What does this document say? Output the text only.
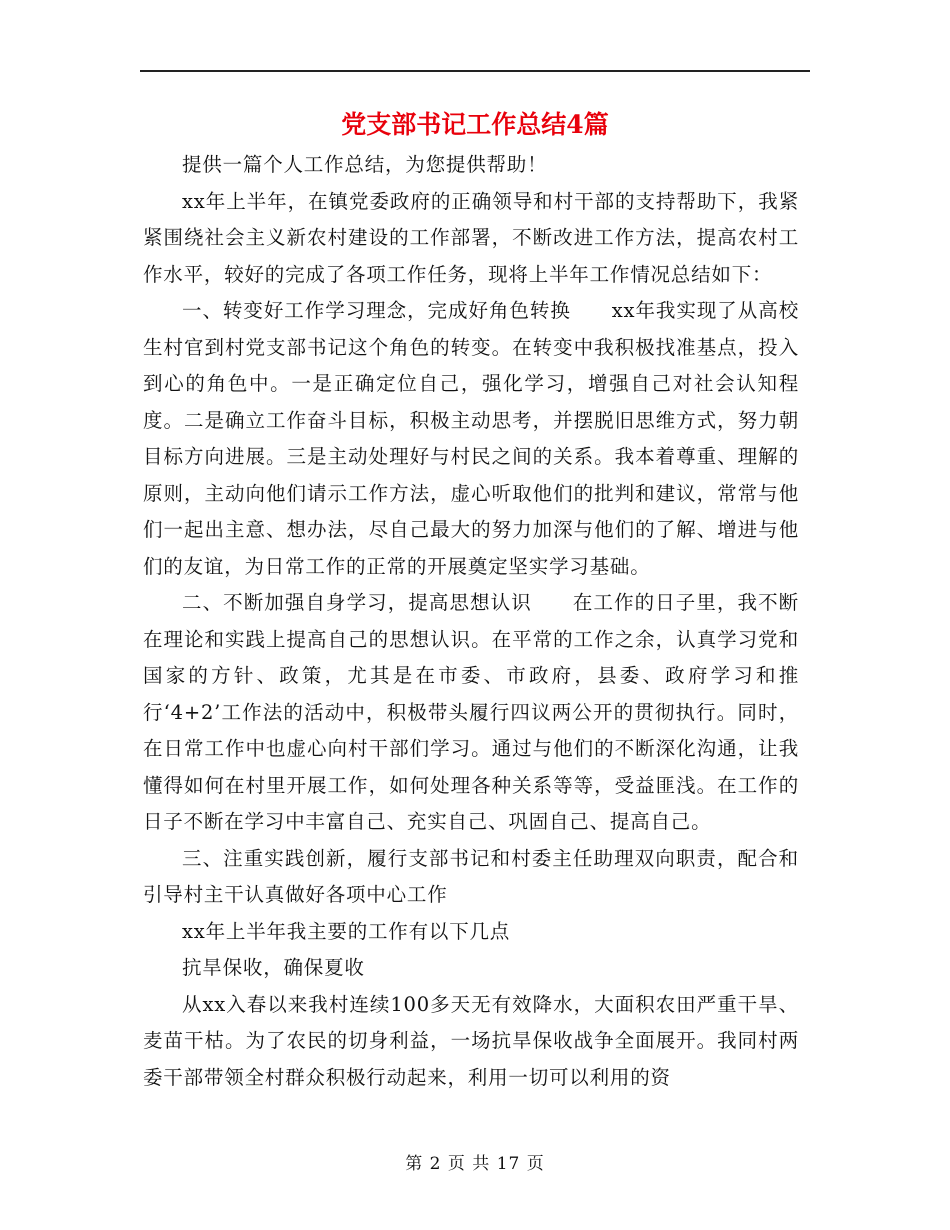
党支部书记工作总结4篇

提供一篇个人工作总结，为您提供帮助！

xx年上半年，在镇党委政府的正确领导和村干部的支持帮助下，我紧紧围绕社会主义新农村建设的工作部署，不断改进工作方法，提高农村工作水平，较好的完成了各项工作任务，现将上半年工作情况总结如下：

一、转变好工作学习理念，完成好角色转换　　xx年我实现了从高校生村官到村党支部书记这个角色的转变。在转变中我积极找准基点，投入到心的角色中。一是正确定位自己，强化学习，增强自己对社会认知程度。二是确立工作奋斗目标，积极主动思考，并摆脱旧思维方式，努力朝目标方向进展。三是主动处理好与村民之间的关系。我本着尊重、理解的原则，主动向他们请示工作方法，虚心听取他们的批判和建议，常常与他们一起出主意、想办法，尽自己最大的努力加深与他们的了解、增进与他们的友谊，为日常工作的正常的开展奠定坚实学习基础。

二、不断加强自身学习，提高思想认识　　在工作的日子里，我不断在理论和实践上提高自己的思想认识。在平常的工作之余，认真学习党和国家的方针、政策，尤其是在市委、市政府，县委、政府学习和推行‘4+2’工作法的活动中，积极带头履行四议两公开的贯彻执行。同时，在日常工作中也虚心向村干部们学习。通过与他们的不断深化沟通，让我懂得如何在村里开展工作，如何处理各种关系等等，受益匪浅。在工作的日子不断在学习中丰富自己、充实自己、巩固自己、提高自己。

三、注重实践创新，履行支部书记和村委主任助理双向职责，配合和引导村主干认真做好各项中心工作

xx年上半年我主要的工作有以下几点

抗旱保收，确保夏收

从xx入春以来我村连续100多天无有效降水，大面积农田严重干旱、麦苗干枯。为了农民的切身利益，一场抗旱保收战争全面展开。我同村两委干部带领全村群众积极行动起来，利用一切可以利用的资

第 2 页 共 17 页
